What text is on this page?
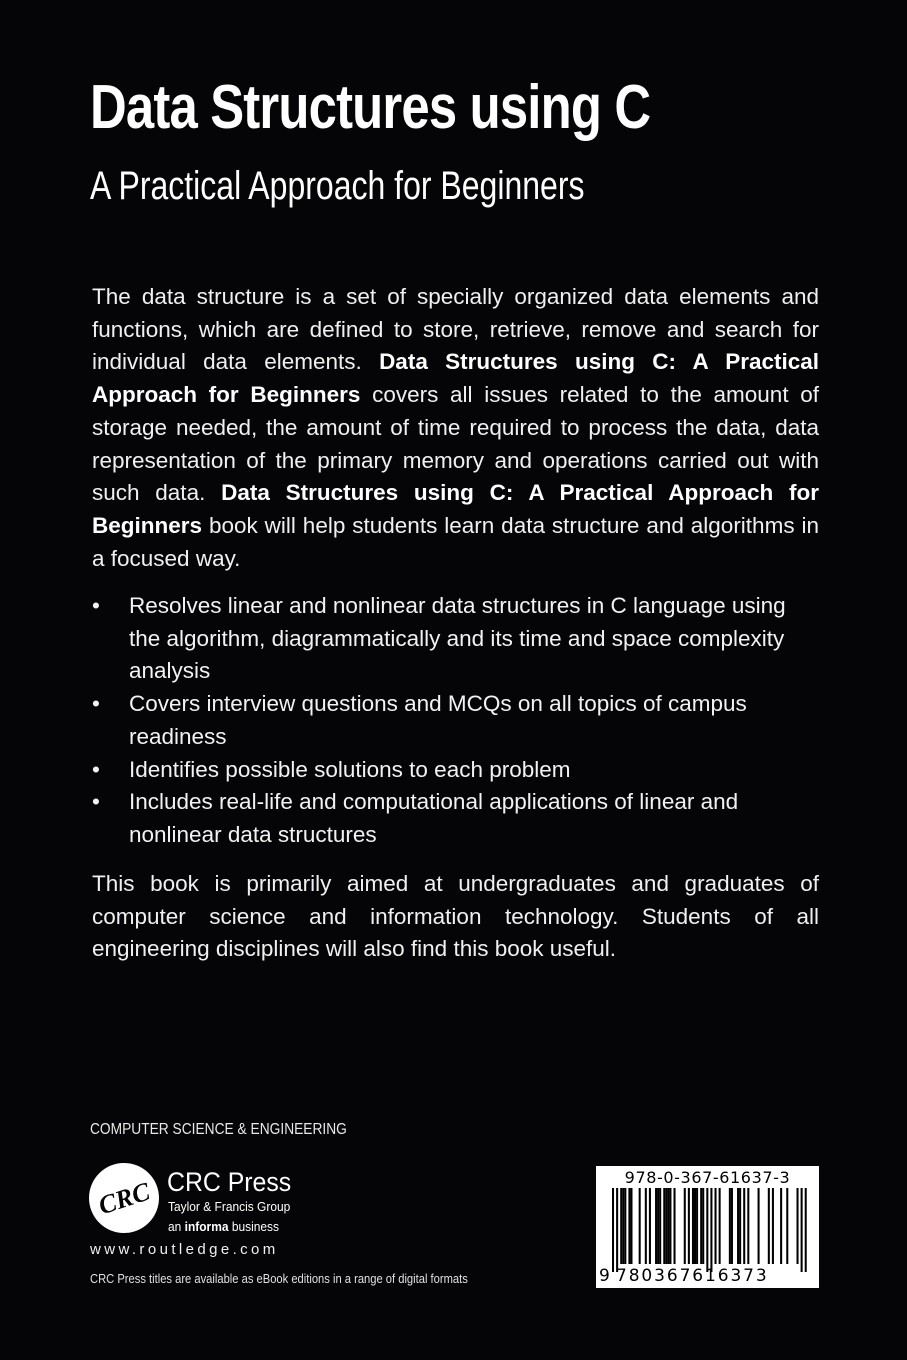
Data Structures using C
A Practical Approach for Beginners

The data structure is a set of specially organized data elements and functions, which are defined to store, retrieve, remove and search for individual data elements. Data Structures using C: A Practical Approach for Beginners covers all issues related to the amount of storage needed, the amount of time required to process the data, data representation of the primary memory and operations carried out with such data. Data Structures using C: A Practical Approach for Beginners book will help students learn data structure and algorithms in a focused way.

• Resolves linear and nonlinear data structures in C language using the algorithm, diagrammatically and its time and space complexity analysis
• Covers interview questions and MCQs on all topics of campus readiness
• Identifies possible solutions to each problem
• Includes real-life and computational applications of linear and nonlinear data structures

This book is primarily aimed at undergraduates and graduates of computer science and information technology. Students of all engineering disciplines will also find this book useful.

COMPUTER SCIENCE & ENGINEERING
CRC CRC Press
Taylor & Francis Group
an informa business
www.routledge.com
CRC Press titles are available as eBook editions in a range of digital formats
978-0-367-61637-3
9 780367616373
